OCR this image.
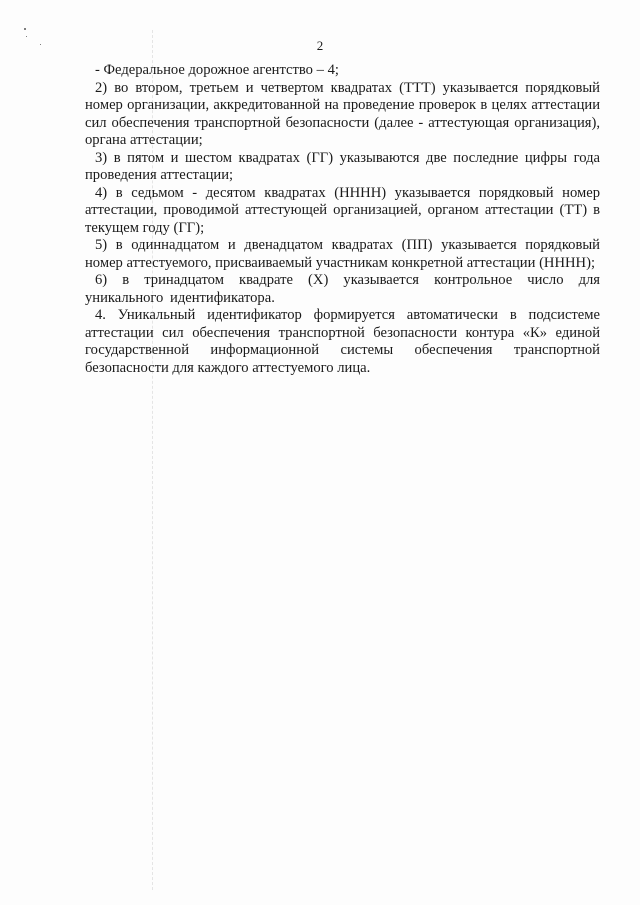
2

- Федеральное дорожное агентство – 4;

2) во втором, третьем и четвертом квадратах (ТТТ) указывается порядковый номер организации, аккредитованной на проведение проверок в целях аттестации сил обеспечения транспортной безопасности (далее - аттестующая организация), органа аттестации;

3) в пятом и шестом квадратах (ГГ) указываются две последние цифры года проведения аттестации;

4) в седьмом - десятом квадратах (НННН) указывается порядковый номер аттестации, проводимой аттестующей организацией, органом аттестации (ТТ) в текущем году (ГГ);

5) в одиннадцатом и двенадцатом квадратах (ПП) указывается порядковый номер аттестуемого, присваиваемый участникам конкретной аттестации (НННН);

6) в тринадцатом квадрате (Х) указывается контрольное число для уникального идентификатора.

4. Уникальный идентификатор формируется автоматически в подсистеме аттестации сил обеспечения транспортной безопасности контура «К» единой государственной информационной системы обеспечения транспортной безопасности для каждого аттестуемого лица.
